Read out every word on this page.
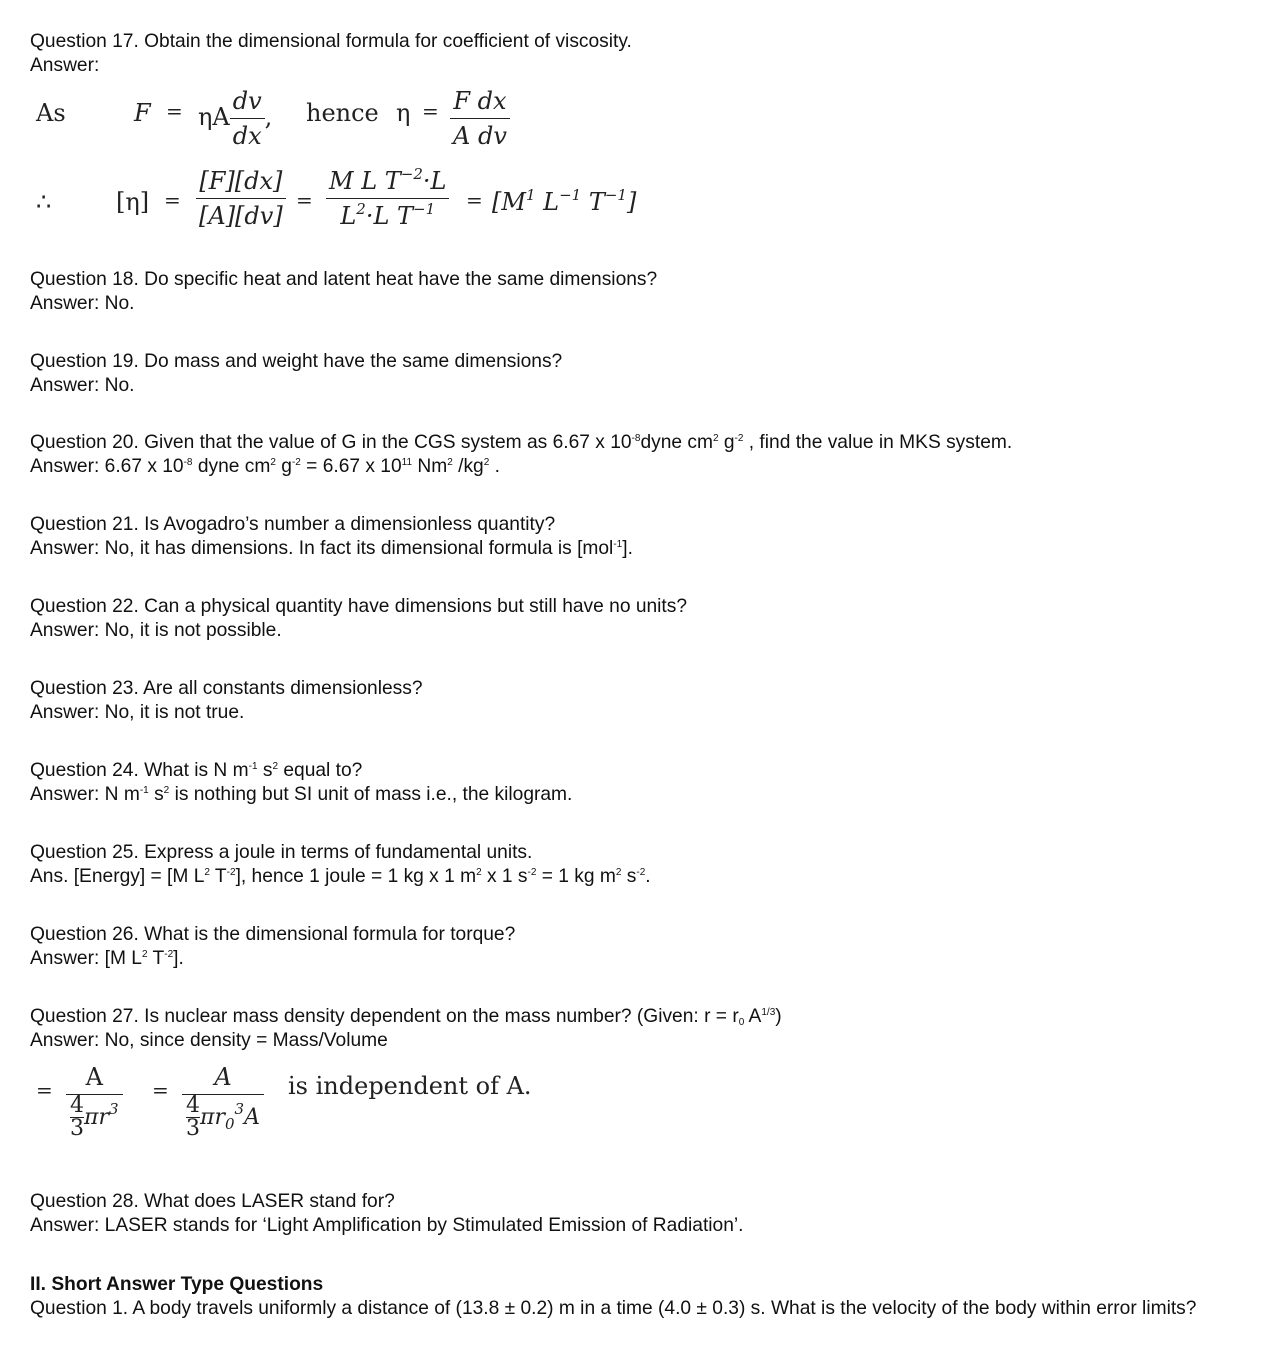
Question 17. Obtain the dimensional formula for coefficient of viscosity.
Answer:
As	F = ηA $\frac{dv}{dx}$ , hence $\eta = \frac{\text{F dx}}{\text{A dv}}$
∴	$[\eta] = \frac{[F][dx]}{[A][dv]} = \frac{M L T^{-2}\cdot L}{L^2\cdot L T^{-1}} = [M^1$ $L^{-1}$ $T^{-1}$]
Question 18. Do specific heat and latent heat have the same dimensions?
Answer: No.
Question 19. Do mass and weight have the same dimensions?
Answer: No.
Question 20. Given that the value of G in the CGS system as 6.67 x $10^{-8}dyne$ $cm^2$ $g^{-2}$ , find the value in MKS system.
Answer: 6.67 x $10^{-8}$ dyne $cm^2$ $g^{-2} = 6.67$ x $10^{11}$ Nm$^2$ $/kg^2$ .
Question 21. Is Avogadro’s number a dimensionless quantity?
Answer: No, it has dimensions. In fact its dimensional formula is [mol$^{-1}$].
Question 22. Can a physical quantity have dimensions but still have no units?
Answer: No, it is not possible.
Question 23. Are all constants dimensionless?
Answer: No, it is not true.
Question 24. What is N $m^{-1}$ $s^2$ equal to?
Answer: N $m^{-1}$ $s^2$ is nothing but SI unit of mass i.e., the kilogram.
Question 25. Express a joule in terms of fundamental units.
Ans. [Energy] = [M $L^2$ $T^{-2}$], hence 1 joule = 1 kg x 1 $m^2$ x 1 $s^{-2} = 1$ kg $m^2$ $s^{-2}$.
Question 26. What is the dimensional formula for torque?
Answer: [M $L^2$ $T^{-2}$].
Question 27. Is nuclear mass density dependent on the mass number? (Given: $r = r_0$ $A^{1/3}$)
Answer: No, since density = Mass/Volume
= $\frac{A}{\frac{4}{3} \pi r^3} = \frac{A}{\frac{4}{3} \pi r_0^3A}$ is independent of A.
Question 28. What does LASER stand for?
Answer: LASER stands for ‘Light Amplification by Stimulated Emission of Radiation’.
II. Short Answer Type Questions
Question 1. A body travels uniformly a distance of (13.8 ± 0.2) m in a time (4.0 ± 0.3) s. What is the velocity of the body within error limits?
